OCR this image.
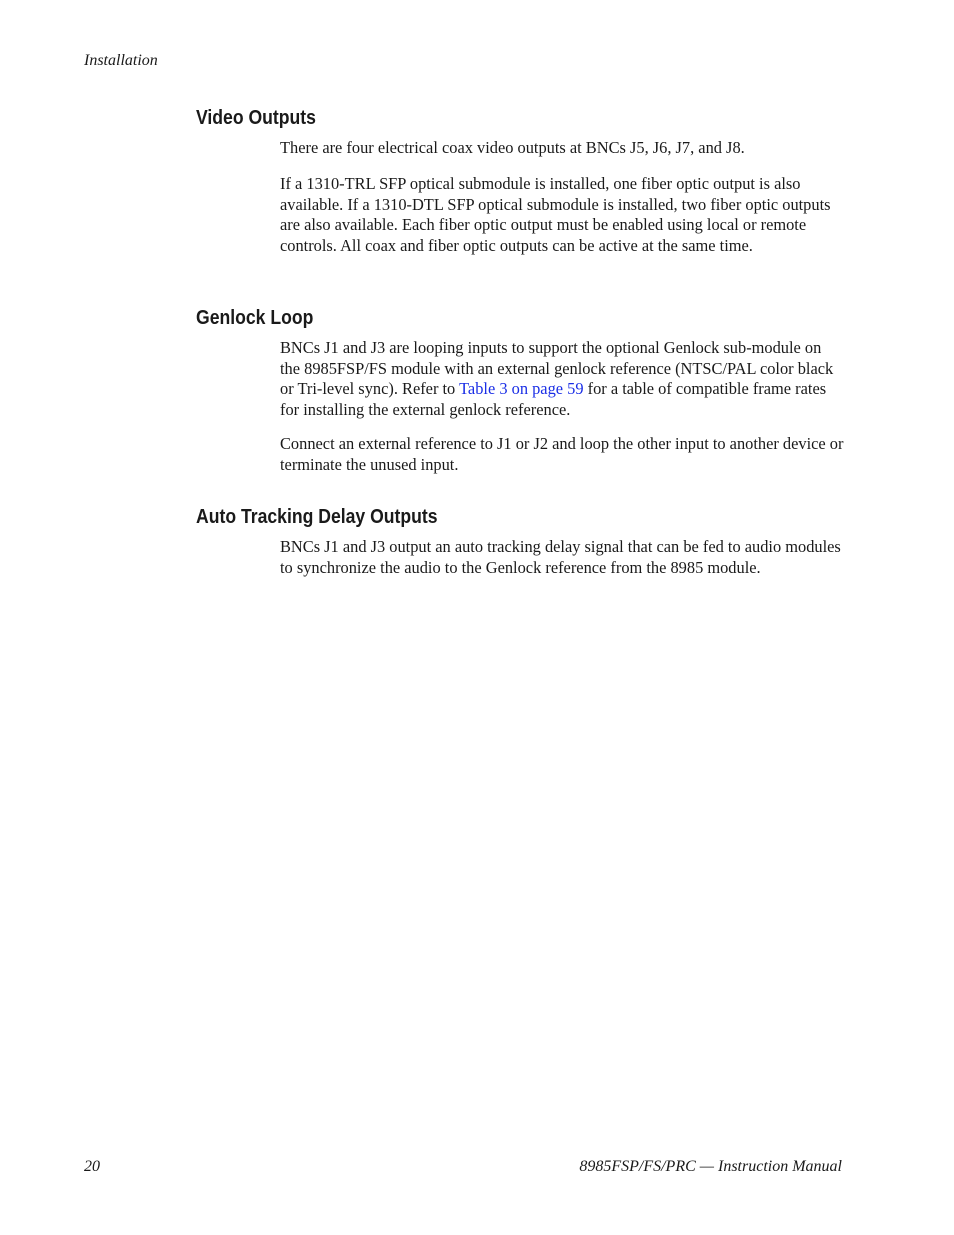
Installation
Video Outputs

There are four electrical coax video outputs at BNCs J5, J6, J7, and J8.

If a 1310-TRL SFP optical submodule is installed, one fiber optic output is also available. If a 1310-DTL SFP optical submodule is installed, two fiber optic outputs are also available. Each fiber optic output must be enabled using local or remote controls. All coax and fiber optic outputs can be active at the same time.

Genlock Loop

BNCs J1 and J3 are looping inputs to support the optional Genlock sub-module on the 8985FSP/FS module with an external genlock reference (NTSC/PAL color black or Tri-level sync). Refer to Table 3 on page 59 for a table of compatible frame rates for installing the external genlock reference.

Connect an external reference to J1 or J2 and loop the other input to another device or terminate the unused input.

Auto Tracking Delay Outputs

BNCs J1 and J3 output an auto tracking delay signal that can be fed to audio modules to synchronize the audio to the Genlock reference from the 8985 module.

20	8985FSP/FS/PRC — Instruction Manual
